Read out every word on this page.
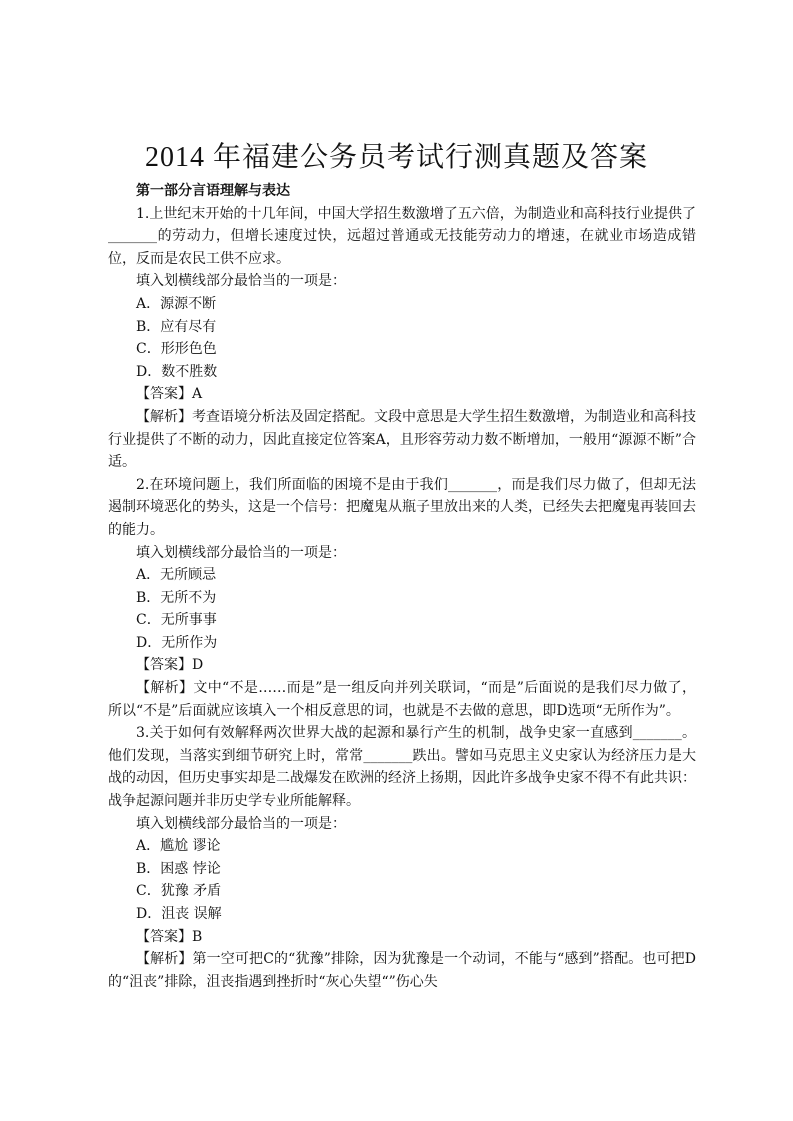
2014 年福建公务员考试行测真题及答案

第一部分言语理解与表达

1.上世纪末开始的十几年间，中国大学招生数激增了五六倍，为制造业和高科技行业提供了_______的劳动力，但增长速度过快，远超过普通或无技能劳动力的增速，在就业市场造成错位，反而是农民工供不应求。

填入划横线部分最恰当的一项是：

A．源源不断

B．应有尽有

C．形形色色

D．数不胜数

【答案】A

【解析】考查语境分析法及固定搭配。文段中意思是大学生招生数激增，为制造业和高科技行业提供了不断的动力，因此直接定位答案A，且形容劳动力数不断增加，一般用“源源不断”合适。

2.在环境问题上，我们所面临的困境不是由于我们_______，而是我们尽力做了，但却无法遏制环境恶化的势头，这是一个信号：把魔鬼从瓶子里放出来的人类，已经失去把魔鬼再装回去的能力。

填入划横线部分最恰当的一项是：

A．无所顾忌

B．无所不为

C．无所事事

D．无所作为

【答案】D

【解析】文中“不是……而是”是一组反向并列关联词，“而是”后面说的是我们尽力做了，所以“不是”后面就应该填入一个相反意思的词，也就是不去做的意思，即D选项“无所作为”。

3.关于如何有效解释两次世界大战的起源和暴行产生的机制，战争史家一直感到_______。他们发现，当落实到细节研究上时，常常_______跌出。譬如马克思主义史家认为经济压力是大战的动因，但历史事实却是二战爆发在欧洲的经济上扬期，因此许多战争史家不得不有此共识：战争起源问题并非历史学专业所能解释。

填入划横线部分最恰当的一项是：

A．尴尬 谬论

B．困惑 悖论

C．犹豫 矛盾

D．沮丧 误解

【答案】B

【解析】第一空可把C的“犹豫”排除，因为犹豫是一个动词，不能与“感到”搭配。也可把D的“沮丧”排除，沮丧指遇到挫折时“灰心失望“”伤心失
